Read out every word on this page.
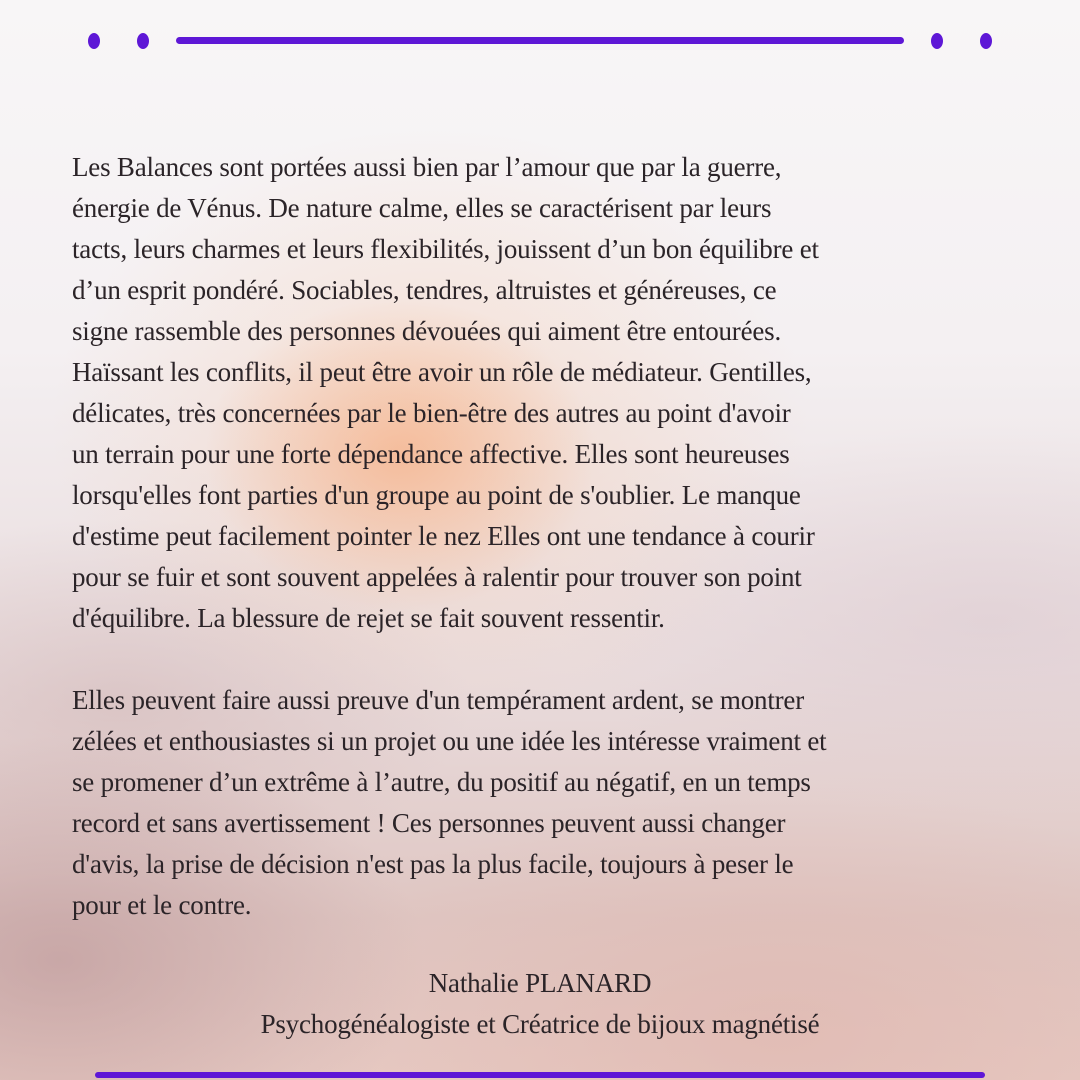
Les Balances sont portées aussi bien par l’amour que par la guerre,
énergie de Vénus. De nature calme, elles se caractérisent par leurs
tacts, leurs charmes et leurs flexibilités, jouissent d’un bon équilibre et
d’un esprit pondéré. Sociables, tendres, altruistes et généreuses, ce
signe rassemble des personnes dévouées qui aiment être entourées.
Haïssant les conflits, il peut être avoir un rôle de médiateur. Gentilles,
délicates, très concernées par le bien-être des autres au point d'avoir
un terrain pour une forte dépendance affective. Elles sont heureuses
lorsqu'elles font parties d'un groupe au point de s'oublier. Le manque
d'estime peut facilement pointer le nez Elles ont une tendance à courir
pour se fuir et sont souvent appelées à ralentir pour trouver son point
d'équilibre. La blessure de rejet se fait souvent ressentir.
Elles peuvent faire aussi preuve d'un tempérament ardent, se montrer
zélées et enthousiastes si un projet ou une idée les intéresse vraiment et
se promener d’un extrême à l’autre, du positif au négatif, en un temps
record et sans avertissement ! Ces personnes peuvent aussi changer
d'avis, la prise de décision n'est pas la plus facile, toujours à peser le
pour et le contre.
Nathalie PLANARD
Psychogénéalogiste et Créatrice de bijoux magnétisé
